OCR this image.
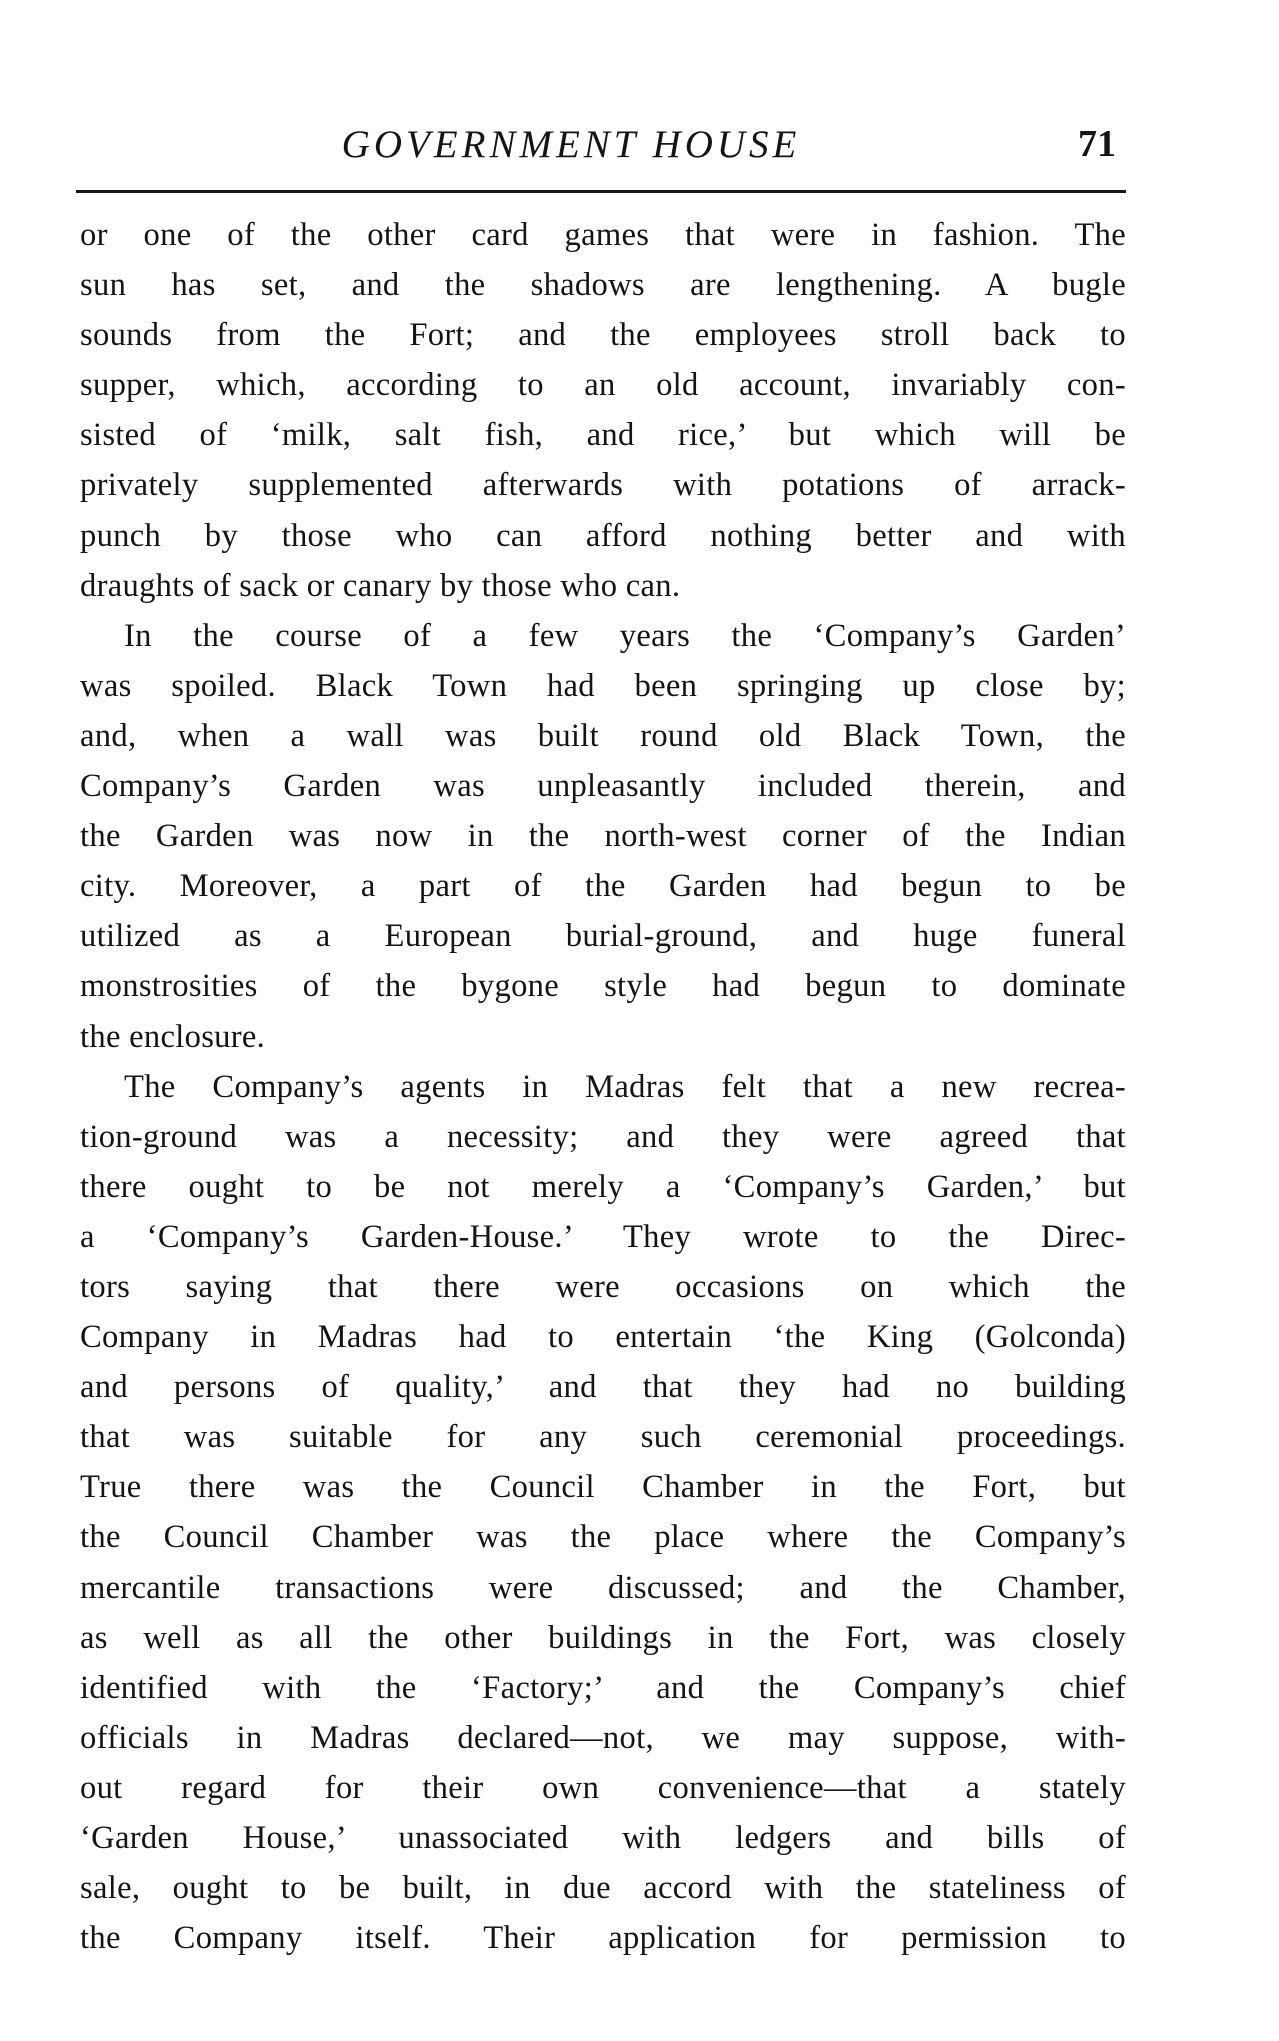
GOVERNMENT HOUSE	71
or one of the other card games that were in fashion. The
sun has set, and the shadows are lengthening. A bugle
sounds from the Fort; and the employees stroll back to
supper, which, according to an old account, invariably con-
sisted of ‘milk, salt fish, and rice,’ but which will be
privately supplemented afterwards with potations of arrack-
punch by those who can afford nothing better and with
draughts of sack or canary by those who can.
In the course of a few years the ‘Company’s Garden’
was spoiled. Black Town had been springing up close by;
and, when a wall was built round old Black Town, the
Company’s Garden was unpleasantly included therein, and
the Garden was now in the north-west corner of the Indian
city. Moreover, a part of the Garden had begun to be
utilized as a European burial-ground, and huge funeral
monstrosities of the bygone style had begun to dominate
the enclosure.
The Company’s agents in Madras felt that a new recrea-
tion-ground was a necessity; and they were agreed that
there ought to be not merely a ‘Company’s Garden,’ but
a ‘Company’s Garden-House.’ They wrote to the Direc-
tors saying that there were occasions on which the
Company in Madras had to entertain ‘the King (Golconda)
and persons of quality,’ and that they had no building
that was suitable for any such ceremonial proceedings.
True there was the Council Chamber in the Fort, but
the Council Chamber was the place where the Company’s
mercantile transactions were discussed; and the Chamber,
as well as all the other buildings in the Fort, was closely
identified with the ‘Factory;’ and the Company’s chief
officials in Madras declared—not, we may suppose, with-
out regard for their own convenience—that a stately
‘Garden House,’ unassociated with ledgers and bills of
sale, ought to be built, in due accord with the stateliness of
the Company itself. Their application for permission to
